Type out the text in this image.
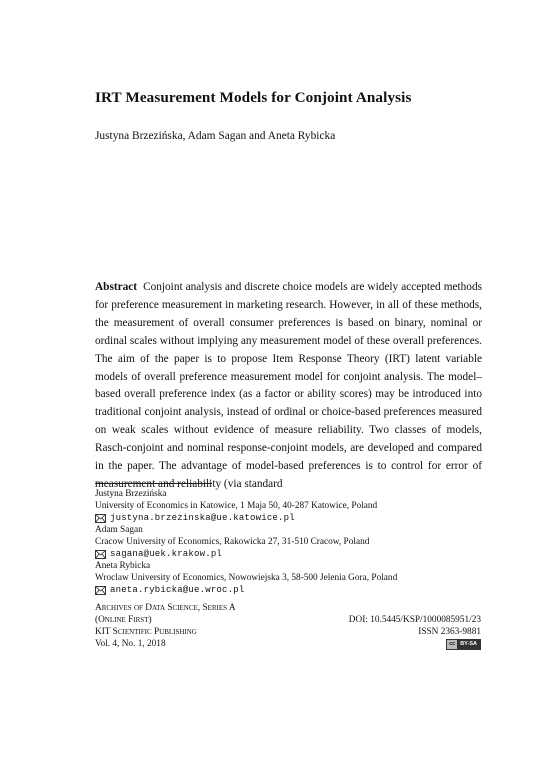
IRT Measurement Models for Conjoint Analysis

Justyna Brzezińska, Adam Sagan and Aneta Rybicka

Abstract Conjoint analysis and discrete choice models are widely accepted methods for preference measurement in marketing research. However, in all of these methods, the measurement of overall consumer preferences is based on binary, nominal or ordinal scales without implying any measurement model of these overall preferences. The aim of the paper is to propose Item Response Theory (IRT) latent variable models of overall preference measurement model for conjoint analysis. The model–based overall preference index (as a factor or ability scores) may be introduced into traditional conjoint analysis, instead of ordinal or choice-based preferences measured on weak scales without evidence of measure reliability. Two classes of models, Rasch-conjoint and nominal response-conjoint models, are developed and compared in the paper. The advantage of model-based preferences is to control for error of measurement and reliability (via standard

Justyna Brzezińska
University of Economics in Katowice, 1 Maja 50, 40-287 Katowice, Poland
justyna.brzezinska@ue.katowice.pl
Adam Sagan
Cracow University of Economics, Rakowicka 27, 31-510 Cracow, Poland
sagana@uek.krakow.pl
Aneta Rybicka
Wroclaw University of Economics, Nowowiejska 3, 58-500 Jelenia Gora, Poland
aneta.rybicka@ue.wroc.pl
Archives of Data Science, Series A
(Online First)	DOI: 10.5445/KSP/1000085951/23
KIT Scientific Publishing	ISSN 2363-9881
Vol. 4, No. 1, 2018	cc BY-SA
